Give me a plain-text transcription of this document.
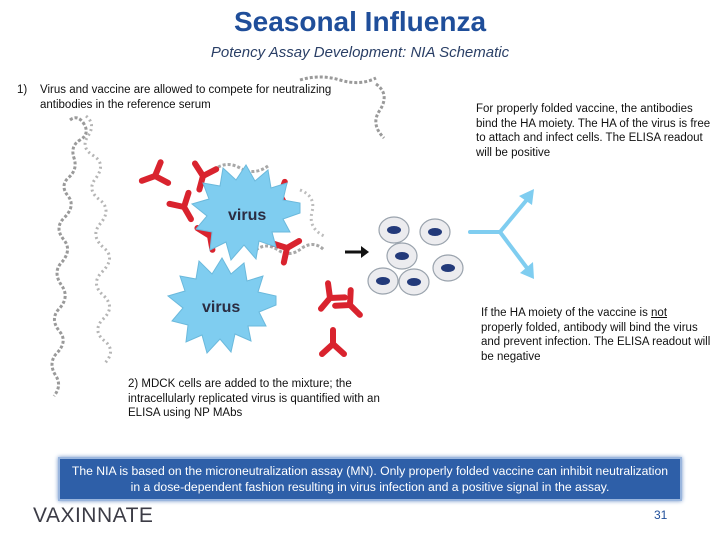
virus
virus
Seasonal Influenza
Potency Assay Development: NIA Schematic
1) Virus and vaccine are allowed to compete for neutralizing antibodies in the reference serum	For properly folded vaccine, the antibodies bind the HA moiety. The HA of the virus is free to attach and infect cells. The ELISA readout will be positive
If the HA moiety of the vaccine is not properly folded, antibody will bind the virus and prevent infection. The ELISA readout will be negative
2) MDCK cells are added to the mixture; the intracellularly replicated virus is quantified with an ELISA using NP MAbs
The NIA is based on the microneutralization assay (MN). Only properly folded vaccine can inhibit neutralization in a dose-dependent fashion resulting in virus infection and a positive signal in the assay.
VAXINNATE	31
